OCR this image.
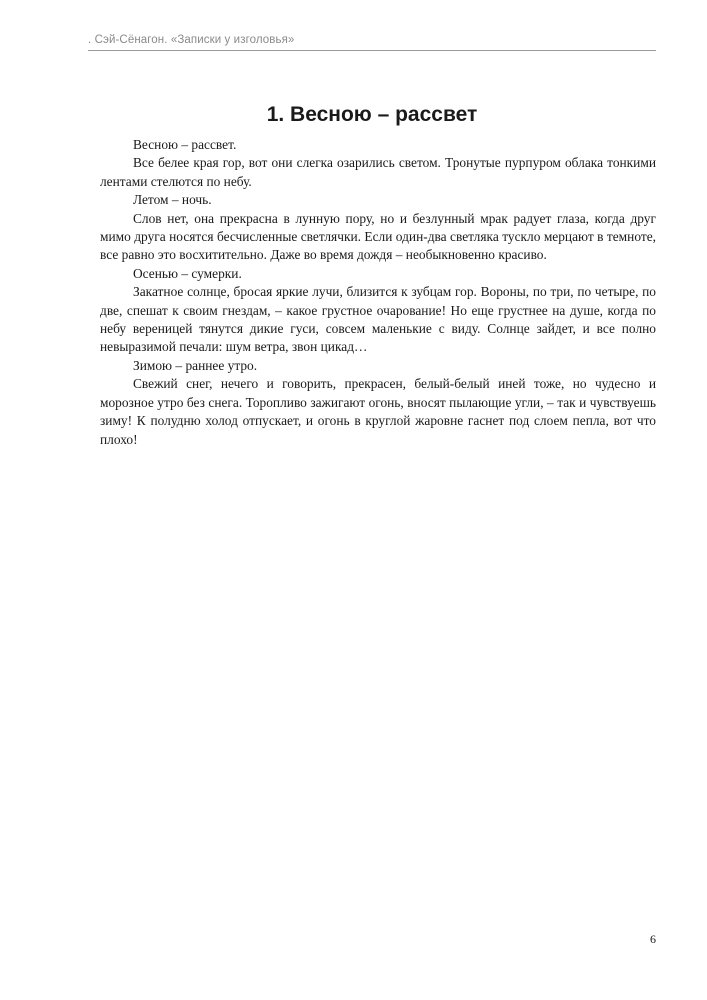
. Сэй-Сёнагон. «Записки у изголовья»
1. Весною – рассвет

Весною – рассвет.

Все белее края гор, вот они слегка озарились светом. Тронутые пурпуром облака тонкими лентами стелются по небу.

Летом – ночь.

Слов нет, она прекрасна в лунную пору, но и безлунный мрак радует глаза, когда друг мимо друга носятся бесчисленные светлячки. Если один-два светляка тускло мерцают в темноте, все равно это восхитительно. Даже во время дождя – необыкновенно красиво.

Осенью – сумерки.

Закатное солнце, бросая яркие лучи, близится к зубцам гор. Вороны, по три, по четыре, по две, спешат к своим гнездам, – какое грустное очарование! Но еще грустнее на душе, когда по небу вереницей тянутся дикие гуси, совсем маленькие с виду. Солнце зайдет, и все полно невыразимой печали: шум ветра, звон цикад…

Зимою – раннее утро.

Свежий снег, нечего и говорить, прекрасен, белый-белый иней тоже, но чудесно и морозное утро без снега. Торопливо зажигают огонь, вносят пылающие угли, – так и чувствуешь зиму! К полудню холод отпускает, и огонь в круглой жаровне гаснет под слоем пепла, вот что плохо!

6
